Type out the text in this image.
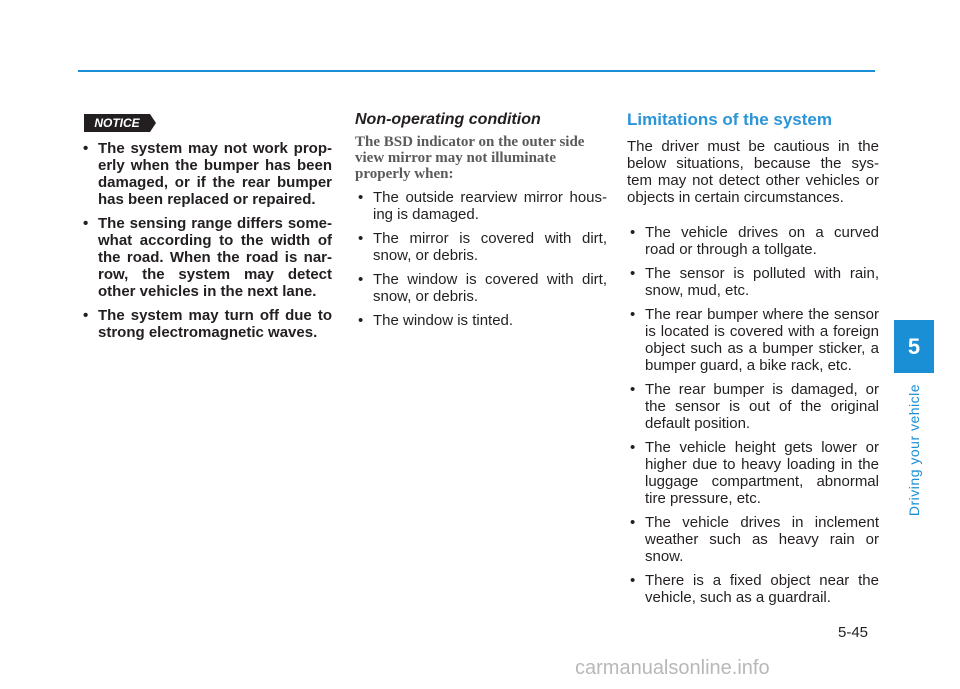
NOTICE
• The system may not work prop-erly when the bumper has been damaged, or if the rear bumper has been replaced or repaired.
• The sensing range differs some-what according to the width of the road. When the road is nar-row, the system may detect other vehicles in the next lane.
• The system may turn off due to strong electromagnetic waves.
Non-operating condition
The BSD indicator on the outer side view mirror may not illuminate properly when:
• The outside rearview mirror hous-ing is damaged.
• The mirror is covered with dirt, snow, or debris.
• The window is covered with dirt, snow, or debris.
• The window is tinted.
Limitations of the system

The driver must be cautious in the below situations, because the sys-tem may not detect other vehicles or objects in certain circumstances.

• The vehicle drives on a curved road or through a tollgate.
• The sensor is polluted with rain, snow, mud, etc.
• The rear bumper where the sensor is located is covered with a foreign object such as a bumper sticker, a bumper guard, a bike rack, etc.
• The rear bumper is damaged, or the sensor is out of the original default position.
• The vehicle height gets lower or higher due to heavy loading in the luggage compartment, abnormal tire pressure, etc.
• The vehicle drives in inclement weather such as heavy rain or snow.
• There is a fixed object near the vehicle, such as a guardrail.
5
Driving your vehicle
5-45
carmanualsonline.info
